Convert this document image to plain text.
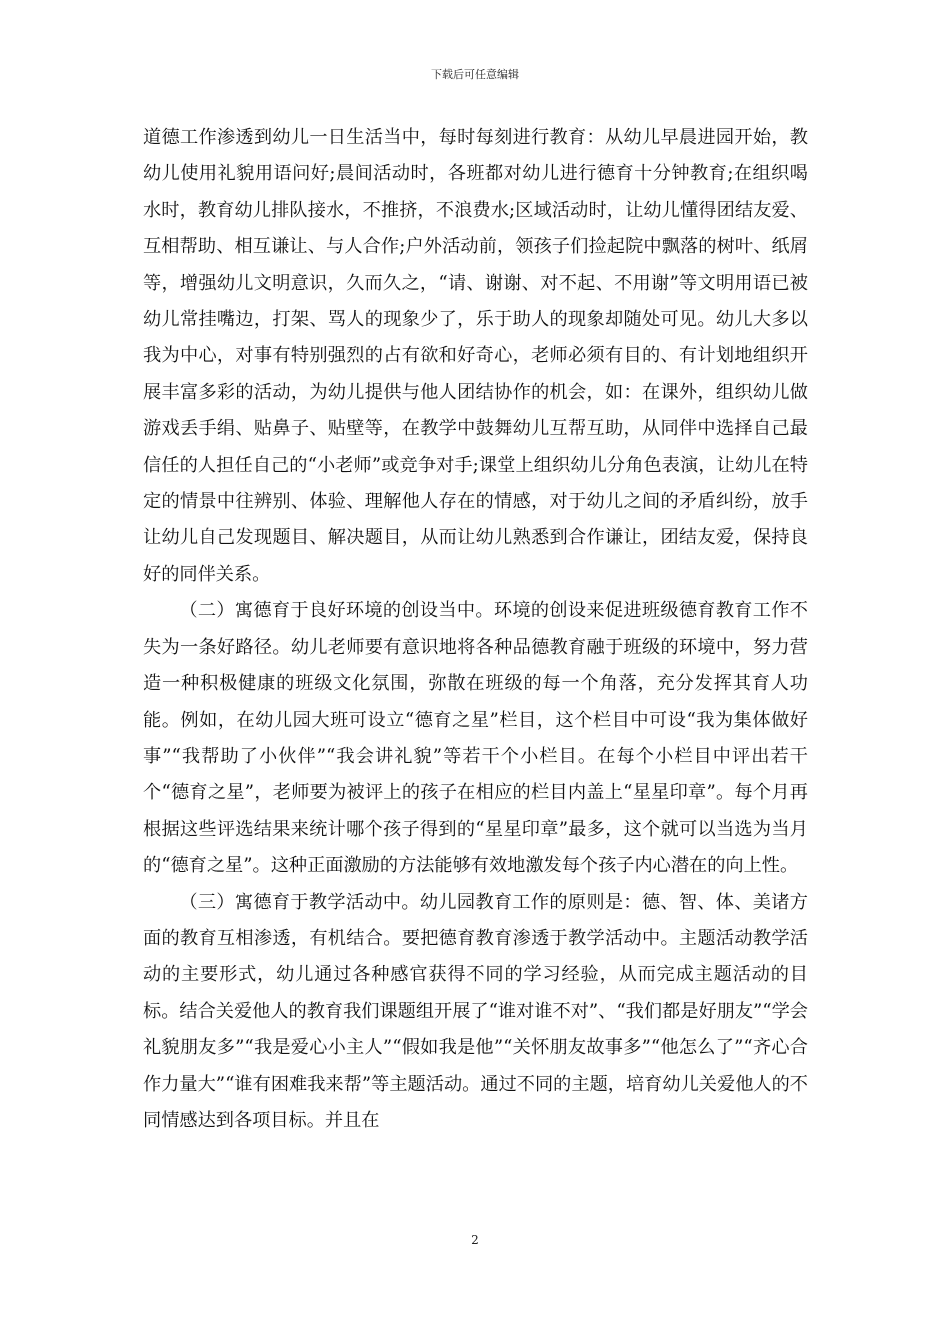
下载后可任意编辑

道德工作渗透到幼儿一日生活当中，每时每刻进行教育：从幼儿早晨进园开始，教幼儿使用礼貌用语问好;晨间活动时，各班都对幼儿进行德育十分钟教育;在组织喝水时，教育幼儿排队接水，不推挤，不浪费水;区域活动时，让幼儿懂得团结友爱、互相帮助、相互谦让、与人合作;户外活动前，领孩子们捡起院中飘落的树叶、纸屑等，增强幼儿文明意识，久而久之，“请、谢谢、对不起、不用谢”等文明用语已被幼儿常挂嘴边，打架、骂人的现象少了，乐于助人的现象却随处可见。幼儿大多以我为中心，对事有特别强烈的占有欲和好奇心，老师必须有目的、有计划地组织开展丰富多彩的活动，为幼儿提供与他人团结协作的机会，如：在课外，组织幼儿做游戏丢手绢、贴鼻子、贴壁等，在教学中鼓舞幼儿互帮互助，从同伴中选择自己最信任的人担任自己的“小老师”或竞争对手;课堂上组织幼儿分角色表演，让幼儿在特定的情景中往辨别、体验、理解他人存在的情感，对于幼儿之间的矛盾纠纷，放手让幼儿自己发现题目、解决题目，从而让幼儿熟悉到合作谦让，团结友爱，保持良好的同伴关系。

（二）寓德育于良好环境的创设当中。环境的创设来促进班级德育教育工作不失为一条好路径。幼儿老师要有意识地将各种品德教育融于班级的环境中，努力营造一种积极健康的班级文化氛围，弥散在班级的每一个角落，充分发挥其育人功能。例如，在幼儿园大班可设立“德育之星”栏目，这个栏目中可设“我为集体做好事”“我帮助了小伙伴”“我会讲礼貌”等若干个小栏目。在每个小栏目中评出若干个“德育之星”，老师要为被评上的孩子在相应的栏目内盖上“星星印章”。每个月再根据这些评选结果来统计哪个孩子得到的“星星印章”最多，这个就可以当选为当月的“德育之星”。这种正面激励的方法能够有效地激发每个孩子内心潜在的向上性。

（三）寓德育于教学活动中。幼儿园教育工作的原则是：德、智、体、美诸方面的教育互相渗透，有机结合。要把德育教育渗透于教学活动中。主题活动教学活动的主要形式，幼儿通过各种感官获得不同的学习经验，从而完成主题活动的目标。结合关爱他人的教育我们课题组开展了“谁对谁不对”、“我们都是好朋友”“学会礼貌朋友多”“我是爱心小主人”“假如我是他”“关怀朋友故事多”“他怎么了”“齐心合作力量大”“谁有困难我来帮”等主题活动。通过不同的主题，培育幼儿关爱他人的不同情感达到各项目标。并且在

2
